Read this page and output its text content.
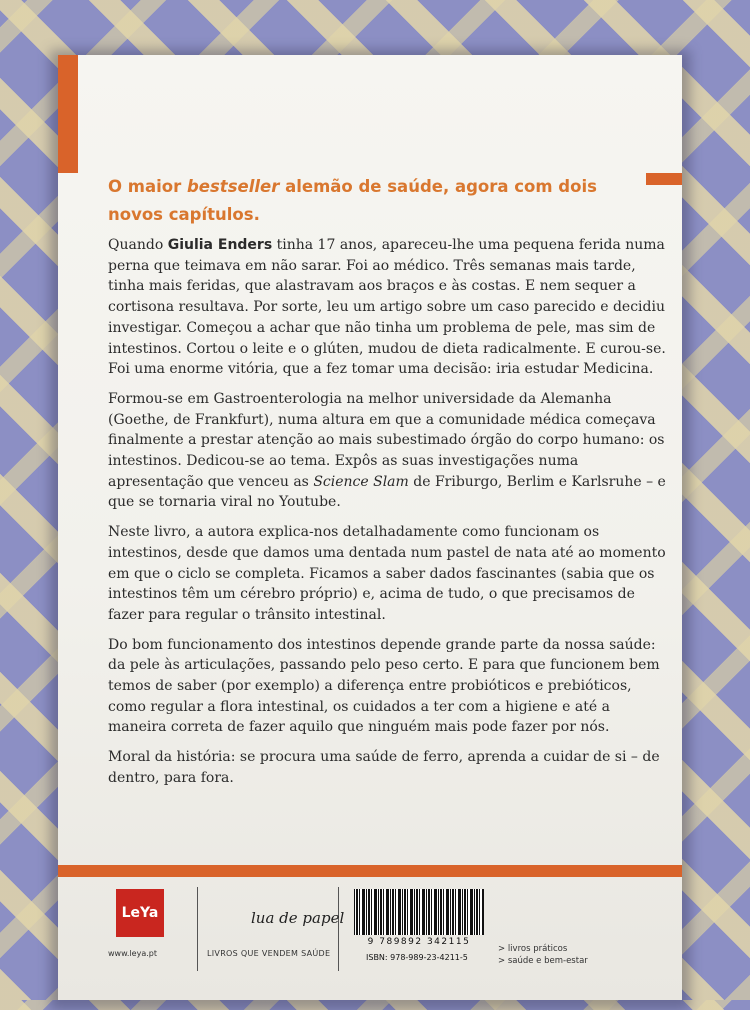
O maior bestseller alemão de saúde, agora com dois novos capítulos.

Quando Giulia Enders tinha 17 anos, apareceu-lhe uma pequena ferida numa perna que teimava em não sarar. Foi ao médico. Três semanas mais tarde, tinha mais feridas, que alastravam aos braços e às costas. E nem sequer a cortisona resultava. Por sorte, leu um artigo sobre um caso parecido e decidiu investigar. Começou a achar que não tinha um problema de pele, mas sim de intestinos. Cortou o leite e o glúten, mudou de dieta radicalmente. E curou-se. Foi uma enorme vitória, que a fez tomar uma decisão: iria estudar Medicina.

Formou-se em Gastroenterologia na melhor universidade da Alemanha (Goethe, de Frankfurt), numa altura em que a comunidade médica começava finalmente a prestar atenção ao mais subestimado órgão do corpo humano: os intestinos. Dedicou-se ao tema. Expôs as suas investigações numa apresentação que venceu as Science Slam de Friburgo, Berlim e Karlsruhe – e que se tornaria viral no Youtube.

Neste livro, a autora explica-nos detalhadamente como funcionam os intestinos, desde que damos uma dentada num pastel de nata até ao momento em que o ciclo se completa. Ficamos a saber dados fascinantes (sabia que os intestinos têm um cérebro próprio) e, acima de tudo, o que precisamos de fazer para regular o trânsito intestinal.

Do bom funcionamento dos intestinos depende grande parte da nossa saúde: da pele às articulações, passando pelo peso certo. E para que funcionem bem temos de saber (por exemplo) a diferença entre probióticos e prebióticos, como regular a flora intestinal, os cuidados a ter com a higiene e até a maneira correta de fazer aquilo que ninguém mais pode fazer por nós.

Moral da história: se procura uma saúde de ferro, aprenda a cuidar de si – de dentro, para fora.

LeYa
www.leya.pt
lua de papel
LIVROS QUE VENDEM SAÚDE
9 789892 342115
ISBN: 978-989-23-4211-5
> livros práticos
> saúde e bem-estar
